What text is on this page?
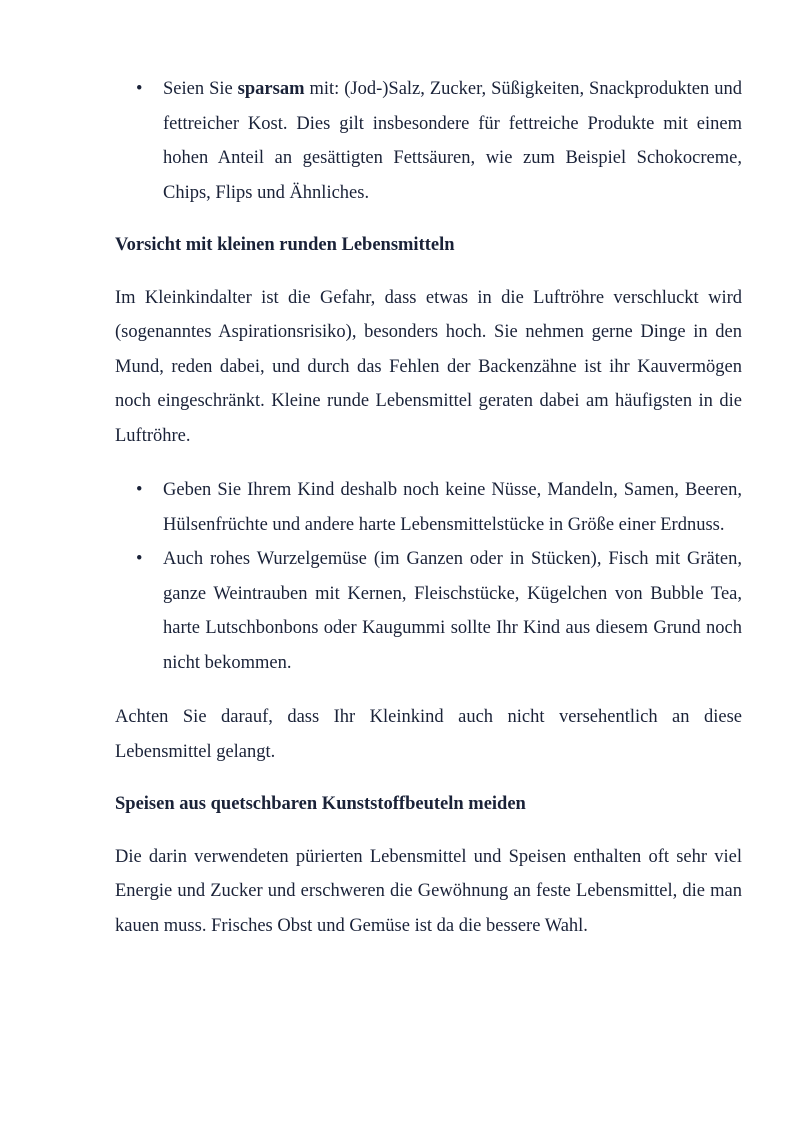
• Seien Sie sparsam mit: (Jod-)Salz, Zucker, Süßigkeiten, Snackprodukten und fettreicher Kost. Dies gilt insbesondere für fettreiche Produkte mit einem hohen Anteil an gesättigten Fettsäuren, wie zum Beispiel Schokocreme, Chips, Flips und Ähnliches.
Vorsicht mit kleinen runden Lebensmitteln

Im Kleinkindalter ist die Gefahr, dass etwas in die Luftröhre verschluckt wird (sogenanntes Aspirationsrisiko), besonders hoch. Sie nehmen gerne Dinge in den Mund, reden dabei, und durch das Fehlen der Backenzähne ist ihr Kauvermögen noch eingeschränkt. Kleine runde Lebensmittel geraten dabei am häufigsten in die Luftröhre.

• Geben Sie Ihrem Kind deshalb noch keine Nüsse, Mandeln, Samen, Beeren, Hülsenfrüchte und andere harte Lebensmittelstücke in Größe einer Erdnuss.
• Auch rohes Wurzelgemüse (im Ganzen oder in Stücken), Fisch mit Gräten, ganze Weintrauben mit Kernen, Fleischstücke, Kügelchen von Bubble Tea, harte Lutschbonbons oder Kaugummi sollte Ihr Kind aus diesem Grund noch nicht bekommen.

Achten Sie darauf, dass Ihr Kleinkind auch nicht versehentlich an diese Lebensmittel gelangt.

Speisen aus quetschbaren Kunststoffbeuteln meiden

Die darin verwendeten pürierten Lebensmittel und Speisen enthalten oft sehr viel Energie und Zucker und erschweren die Gewöhnung an feste Lebensmittel, die man kauen muss. Frisches Obst und Gemüse ist da die bessere Wahl.
